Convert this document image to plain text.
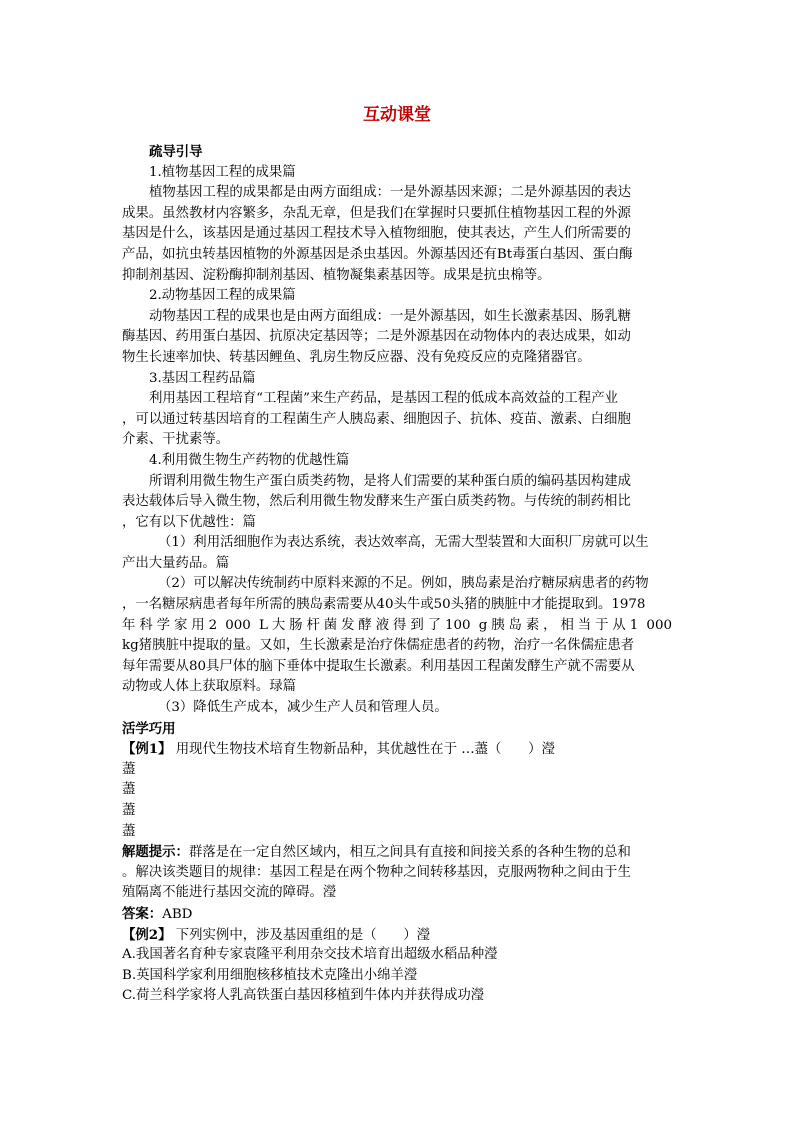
互动课堂
疏导引导
1.植物基因工程的成果篇
植物基因工程的成果都是由两方面组成：一是外源基因来源；二是外源基因的表达
成果。虽然教材内容繁多，杂乱无章，但是我们在掌握时只要抓住植物基因工程的外源
基因是什么，该基因是通过基因工程技术导入植物细胞，使其表达，产生人们所需要的
产品，如抗虫转基因植物的外源基因是杀虫基因。外源基因还有Bt毒蛋白基因、蛋白酶
抑制剂基因、淀粉酶抑制剂基因、植物凝集素基因等。成果是抗虫棉等。
2.动物基因工程的成果篇
动物基因工程的成果也是由两方面组成：一是外源基因，如生长激素基因、肠乳糖
酶基因、药用蛋白基因、抗原决定基因等；二是外源基因在动物体内的表达成果，如动
物生长速率加快、转基因鲤鱼、乳房生物反应器、没有免疫反应的克隆猪器官。
3.基因工程药品篇
利用基因工程培育“工程菌”来生产药品，是基因工程的低成本高效益的工程产业
，可以通过转基因培育的工程菌生产人胰岛素、细胞因子、抗体、疫苗、激素、白细胞
介素、干扰素等。
4.利用微生物生产药物的优越性篇
所谓利用微生物生产蛋白质类药物，是将人们需要的某种蛋白质的编码基因构建成
表达载体后导入微生物，然后利用微生物发酵来生产蛋白质类药物。与传统的制药相比
，它有以下优越性：篇
（1）利用活细胞作为表达系统，表达效率高，无需大型装置和大面积厂房就可以生
产出大量药品。篇
（2）可以解决传统制药中原料来源的不足。例如，胰岛素是治疗糖尿病患者的药物
，一名糖尿病患者每年所需的胰岛素需要从40头牛或50头猪的胰脏中才能提取到。1978
年科学家用2 000 L大肠杆菌发酵液得到了100 g胰岛素，相当于从1 000
kg猪胰脏中提取的量。又如，生长激素是治疗侏儒症患者的药物，治疗一名侏儒症患者
每年需要从80具尸体的脑下垂体中提取生长激素。利用基因工程菌发酵生产就不需要从
动物或人体上获取原料。琭篇
（3）降低生产成本，减少生产人员和管理人员。
活学巧用
【例1】 用现代生物技术培育生物新品种，其优越性在于 …藎（　　）瀅
藎
藎
藎
藎
解题提示：群落是在一定自然区域内，相互之间具有直接和间接关系的各种生物的总和
。解决该类题目的规律：基因工程是在两个物种之间转移基因，克服两物种之间由于生
殖隔离不能进行基因交流的障碍。瀅
答案：ABD
【例2】 下列实例中，涉及基因重组的是（　　）瀅
A.我国著名育种专家袁隆平利用杂交技术培育出超级水稻品种瀅
B.英国科学家利用细胞核移植技术克隆出小绵羊瀅
C.荷兰科学家将人乳高铁蛋白基因移植到牛体内并获得成功瀅
